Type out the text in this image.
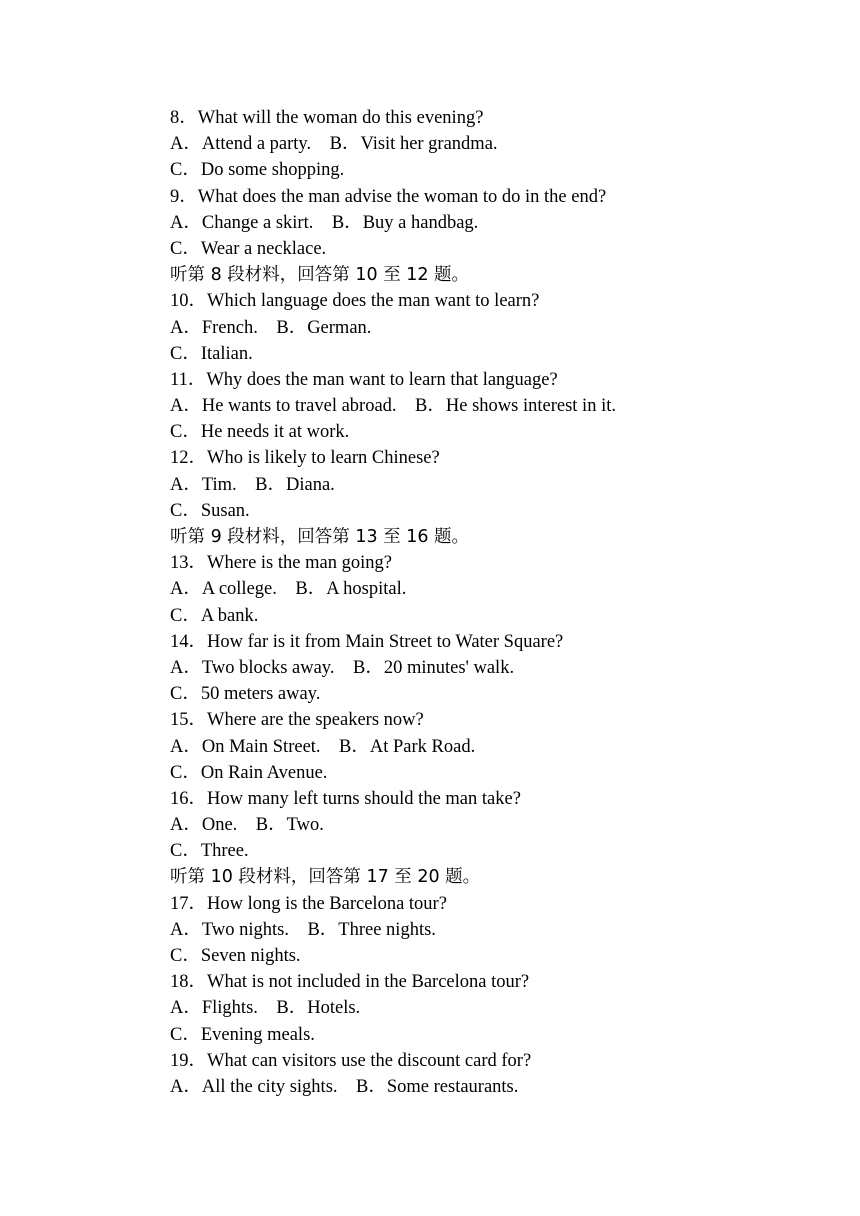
8．What will the woman do this evening?
A．Attend a party.　B．Visit her grandma.
C．Do some shopping.
9．What does the man advise the woman to do in the end?
A．Change a skirt.　B．Buy a handbag.
C．Wear a necklace.
听第 8 段材料，回答第 10 至 12 题。
10．Which language does the man want to learn?
A．French.　B．German.
C．Italian.
11．Why does the man want to learn that language?
A．He wants to travel abroad.　B．He shows interest in it.
C．He needs it at work.
12．Who is likely to learn Chinese?
A．Tim.　B．Diana.
C．Susan.
听第 9 段材料，回答第 13 至 16 题。
13．Where is the man going?
A．A college.　B．A hospital.
C．A bank.
14．How far is it from Main Street to Water Square?
A．Two blocks away.　B．20 minutes' walk.
C．50 meters away.
15．Where are the speakers now?
A．On Main Street.　B．At Park Road.
C．On Rain Avenue.
16．How many left turns should the man take?
A．One.　B．Two.
C．Three.
听第 10 段材料，回答第 17 至 20 题。
17．How long is the Barcelona tour?
A．Two nights.　B．Three nights.
C．Seven nights.
18．What is not included in the Barcelona tour?
A．Flights.　B．Hotels.
C．Evening meals.
19．What can visitors use the discount card for?
A．All the city sights.　B．Some restaurants.
